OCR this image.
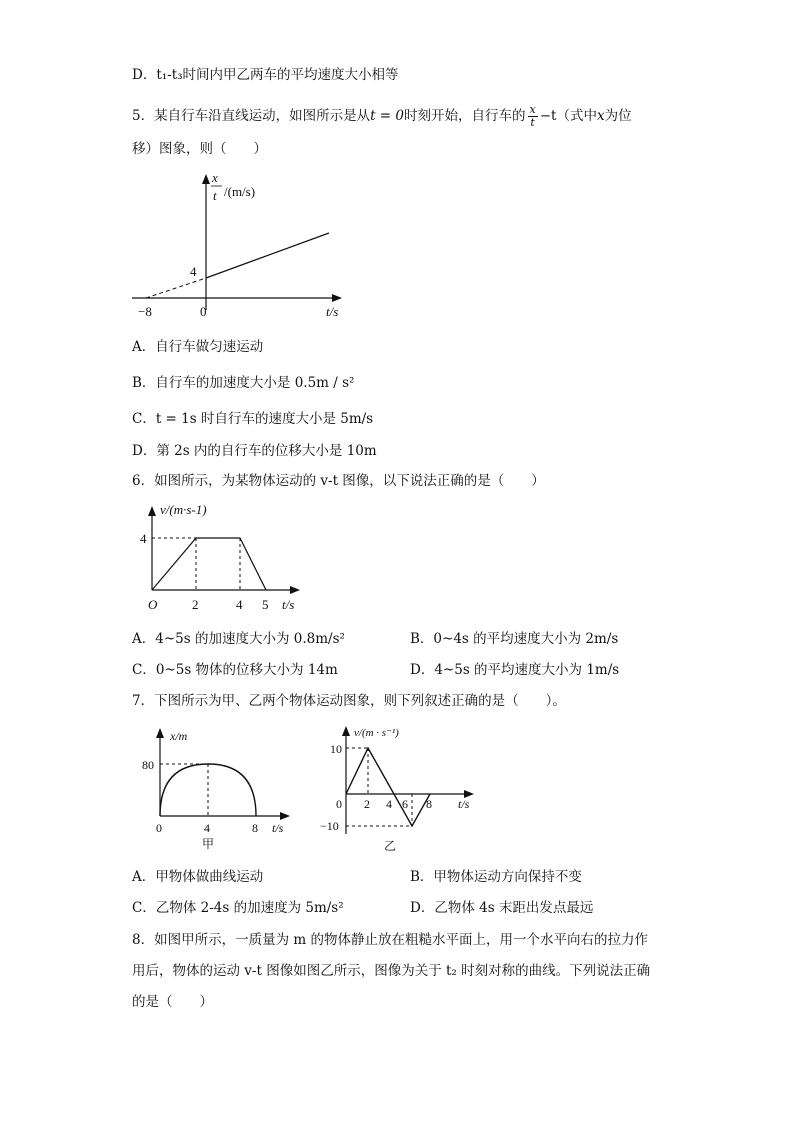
D．t₁-t₃时间内甲乙两车的平均速度大小相等
5．某自行车沿直线运动，如图所示是从t = 0时刻开始，自行车的 $\frac{x}{t} -t$（式中x为位
移）图象，则（　　）
x
t /(m/s)
4
−8	0	t/s
A．自行车做匀速运动
B．自行车的加速度大小是 0.5m / s²
C．t = 1s 时自行车的速度大小是 5m/s
D．第 2s 内的自行车的位移大小是 10m
6．如图所示，为某物体运动的 v-t 图像，以下说法正确的是（　　）
v/(m·s-1)
4
O	2	4 5 t/s
A．4~5s 的加速度大小为 0.8m/s²	B．0~4s 的平均速度大小为 2m/s
C．0~5s 物体的位移大小为 14m	D．4~5s 的平均速度大小为 1m/s
7．下图所示为甲、乙两个物体运动图象，则下列叙述正确的是（　　）。
x/m
80
0	4	8 t/s
甲
v/(m · s⁻¹)
10
−10
0 2 4 6 8 t/s
乙
A．甲物体做曲线运动	B．甲物体运动方向保持不变
C．乙物体 2-4s 的加速度为 5m/s²	D．乙物体 4s 末距出发点最远
8．如图甲所示，一质量为 m 的物体静止放在粗糙水平面上，用一个水平向右的拉力作
用后，物体的运动 v-t 图像如图乙所示，图像为关于 t₂ 时刻对称的曲线。下列说法正确
的是（　　）
